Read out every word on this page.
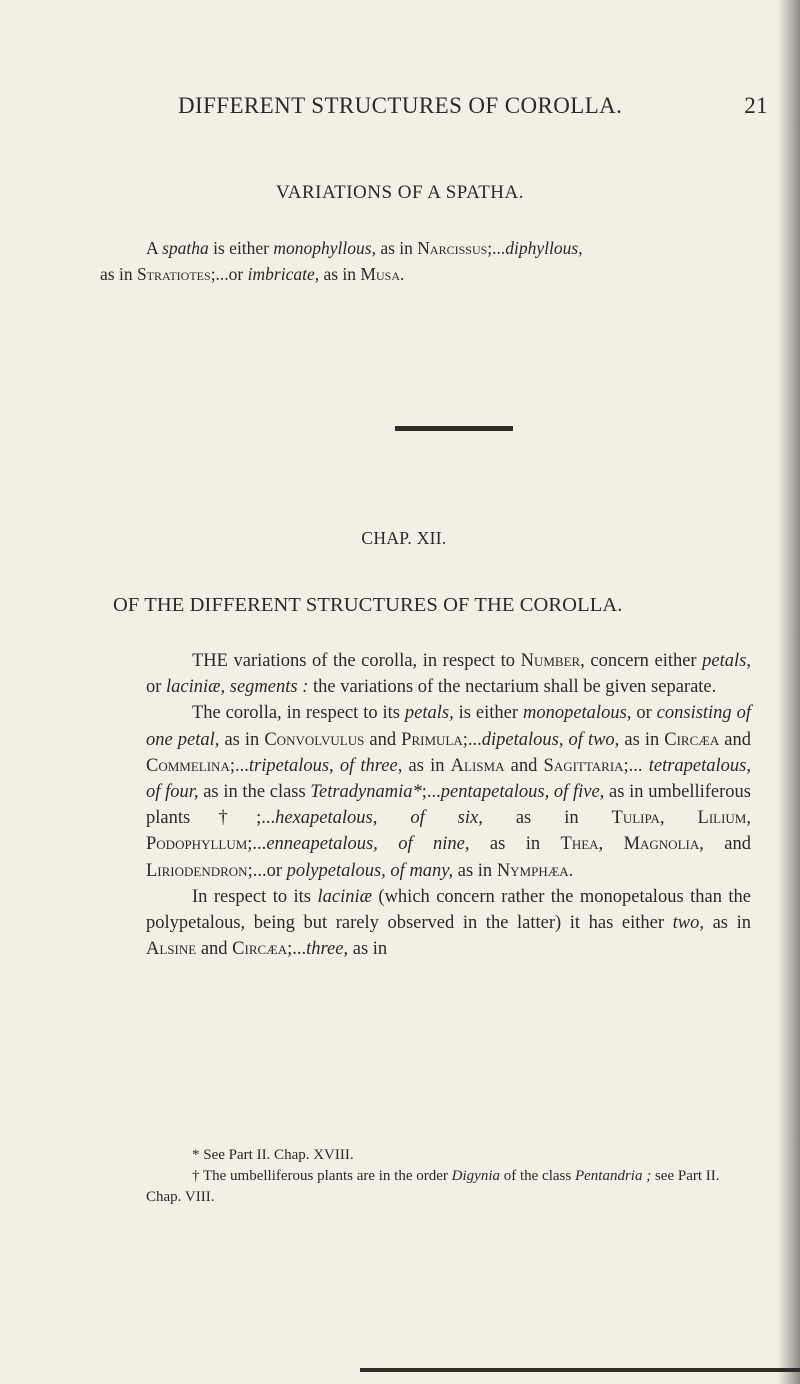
DIFFERENT STRUCTURES OF COROLLA.	21
VARIATIONS OF A SPATHA.
A spatha is either monophyllous, as in Narcissus;...diphyllous,
as in Stratiotes;...or imbricate, as in Musa.
CHAP. XII.
OF THE DIFFERENT STRUCTURES OF THE COROLLA.

THE variations of the corolla, in respect to Number, concern either petals, or laciniæ, segments : the variations of the nectarium shall be given separate.

The corolla, in respect to its petals, is either monopetalous, or consisting of one petal, as in Convolvulus and Primula;...dipetalous, of two, as in Circæa and Commelina;...tripetalous, of three, as in Alisma and Sagittaria;... tetrapetalous, of four, as in the class Tetradynamia*;...pentapetalous, of five, as in umbelliferous plants†;...hexapetalous, of six, as in Tulipa, Lilium, Podophyllum;...enneapetalous, of nine, as in Thea, Magnolia, and Liriodendron;...or polypetalous, of many, as in Nymphæa.

In respect to its laciniæ (which concern rather the monopetalous than the polypetalous, being but rarely observed in the latter) it has either two, as in Alsine and Circæa;...three, as in

* See Part II. Chap. XVIII.

† The umbelliferous plants are in the order Digynia of the class Pentandria ; see Part II. Chap. VIII.
